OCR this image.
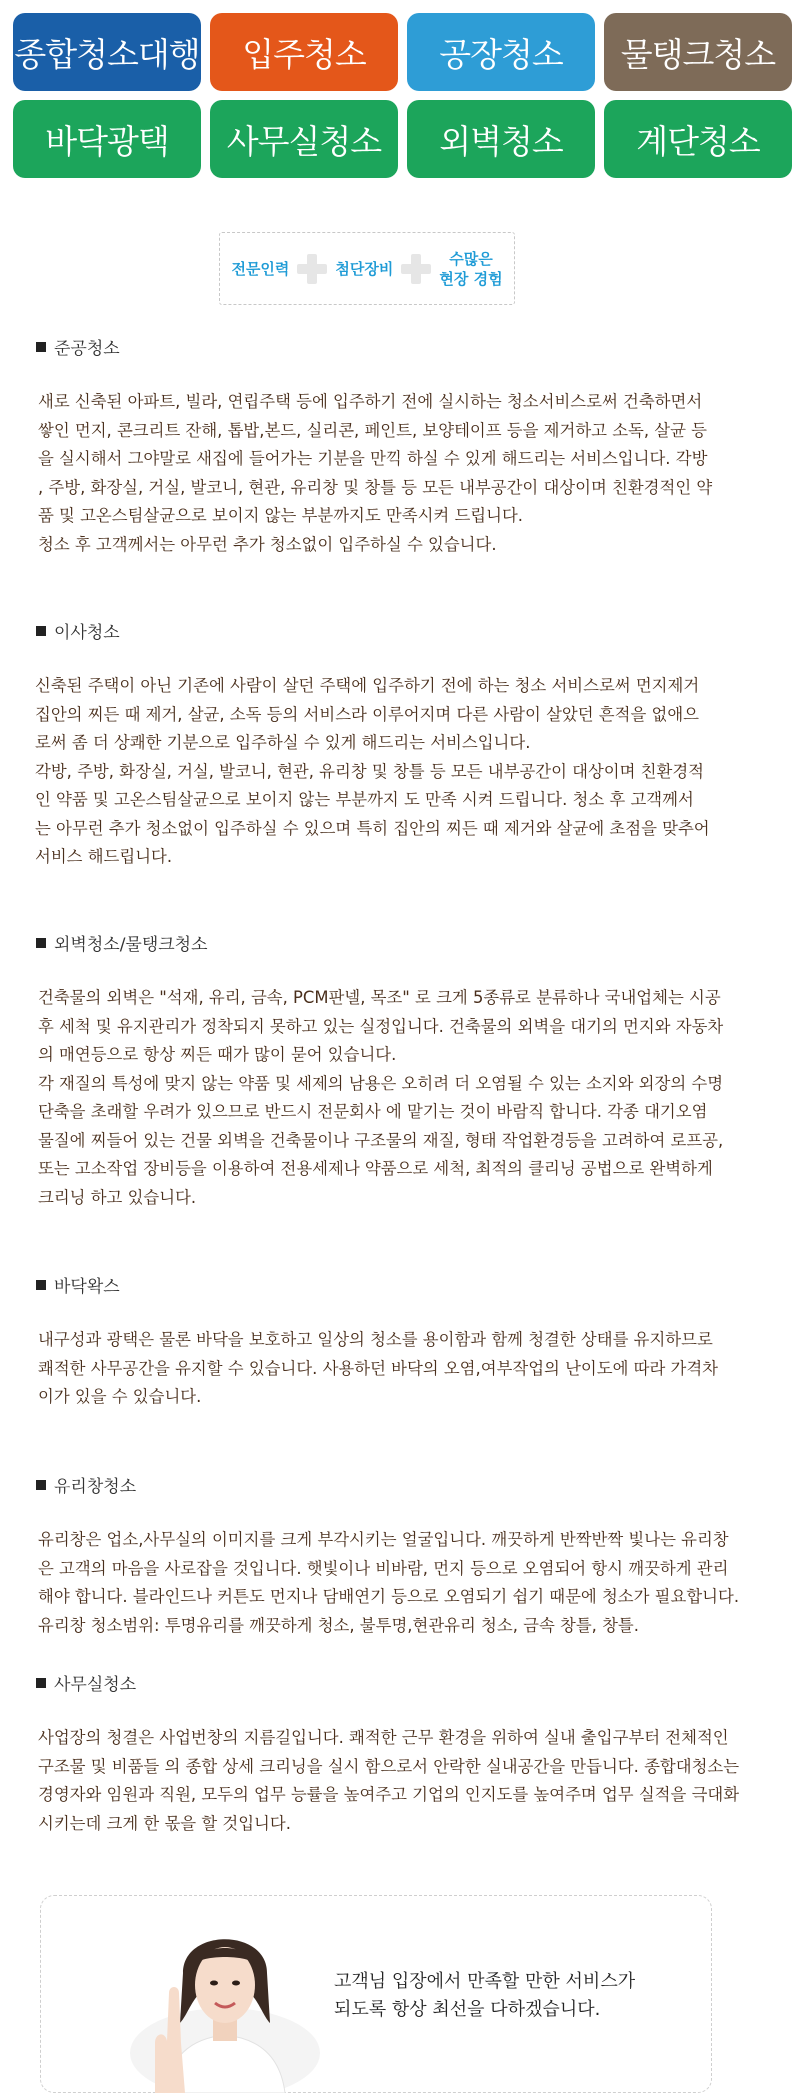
종합청소대행 입주청소 공장청소 물탱크청소
바닥광택 사무실청소 외벽청소 계단청소
전문인력	첨단장비
수많은
현장 경험
준공청소

새로 신축된 아파트, 빌라, 연립주택 등에 입주하기 전에 실시하는 청소서비스로써 건축하면서

쌓인 먼지, 콘크리트 잔해, 톱밥,본드, 실리콘, 페인트, 보양테이프 등을 제거하고 소독, 살균 등

을 실시해서 그야말로 새집에 들어가는 기분을 만끽 하실 수 있게 해드리는 서비스입니다. 각방

, 주방, 화장실, 거실, 발코니, 현관, 유리창 및 창틀 등 모든 내부공간이 대상이며 친환경적인 약

품 및 고온스팀살균으로 보이지 않는 부분까지도 만족시켜 드립니다.

청소 후 고객께서는 아무런 추가 청소없이 입주하실 수 있습니다.

이사청소

신축된 주택이 아닌 기존에 사람이 살던 주택에 입주하기 전에 하는 청소 서비스로써 먼지제거

집안의 찌든 때 제거, 살균, 소독 등의 서비스라 이루어지며 다른 사람이 살았던 흔적을 없애으

로써 좀 더 상쾌한 기분으로 입주하실 수 있게 해드리는 서비스입니다.

각방, 주방, 화장실, 거실, 발코니, 현관, 유리창 및 창틀 등 모든 내부공간이 대상이며 친환경적

인 약품 및 고온스팀살균으로 보이지 않는 부분까지 도 만족 시켜 드립니다. 청소 후 고객께서

는 아무런 추가 청소없이 입주하실 수 있으며 특히 집안의 찌든 때 제거와 살균에 초점을 맞추어

서비스 해드립니다.

외벽청소/물탱크청소

건축물의 외벽은 "석재, 유리, 금속, PCM판넬, 목조" 로 크게 5종류로 분류하나 국내업체는 시공

후 세척 및 유지관리가 정착되지 못하고 있는 실정입니다. 건축물의 외벽을 대기의 먼지와 자동차

의 매연등으로 항상 찌든 때가 많이 묻어 있습니다.

각 재질의 특성에 맞지 않는 약품 및 세제의 남용은 오히려 더 오염될 수 있는 소지와 외장의 수명

단축을 초래할 우려가 있으므로 반드시 전문회사 에 맡기는 것이 바람직 합니다. 각종 대기오염

물질에 찌들어 있는 건물 외벽을 건축물이나 구조물의 재질, 형태 작업환경등을 고려하여 로프공,

또는 고소작업 장비등을 이용하여 전용세제나 약품으로 세척, 최적의 클리닝 공법으로 완벽하게

크리닝 하고 있습니다.

바닥왁스

내구성과 광택은 물론 바닥을 보호하고 일상의 청소를 용이함과 함께 청결한 상태를 유지하므로

쾌적한 사무공간을 유지할 수 있습니다. 사용하던 바닥의 오염,여부작업의 난이도에 따라 가격차

이가 있을 수 있습니다.

유리창청소

유리창은 업소,사무실의 이미지를 크게 부각시키는 얼굴입니다. 깨끗하게 반짝반짝 빛나는 유리창

은 고객의 마음을 사로잡을 것입니다. 햇빛이나 비바람, 먼지 등으로 오염되어 항시 깨끗하게 관리

해야 합니다. 블라인드나 커튼도 먼지나 담배연기 등으로 오염되기 쉽기 때문에 청소가 필요합니다.

유리창 청소범위: 투명유리를 깨끗하게 청소, 불투명,현관유리 청소, 금속 창틀, 창틀.

사무실청소

사업장의 청결은 사업번창의 지름길입니다. 쾌적한 근무 환경을 위하여 실내 출입구부터 전체적인

구조물 및 비품들 의 종합 상세 크리닝을 실시 함으로서 안락한 실내공간을 만듭니다. 종합대청소는

경영자와 임원과 직원, 모두의 업무 능률을 높여주고 기업의 인지도를 높여주며 업무 실적을 극대화

시키는데 크게 한 몫을 할 것입니다.

고객님 입장에서 만족할 만한 서비스가

되도록 항상 최선을 다하겠습니다.
